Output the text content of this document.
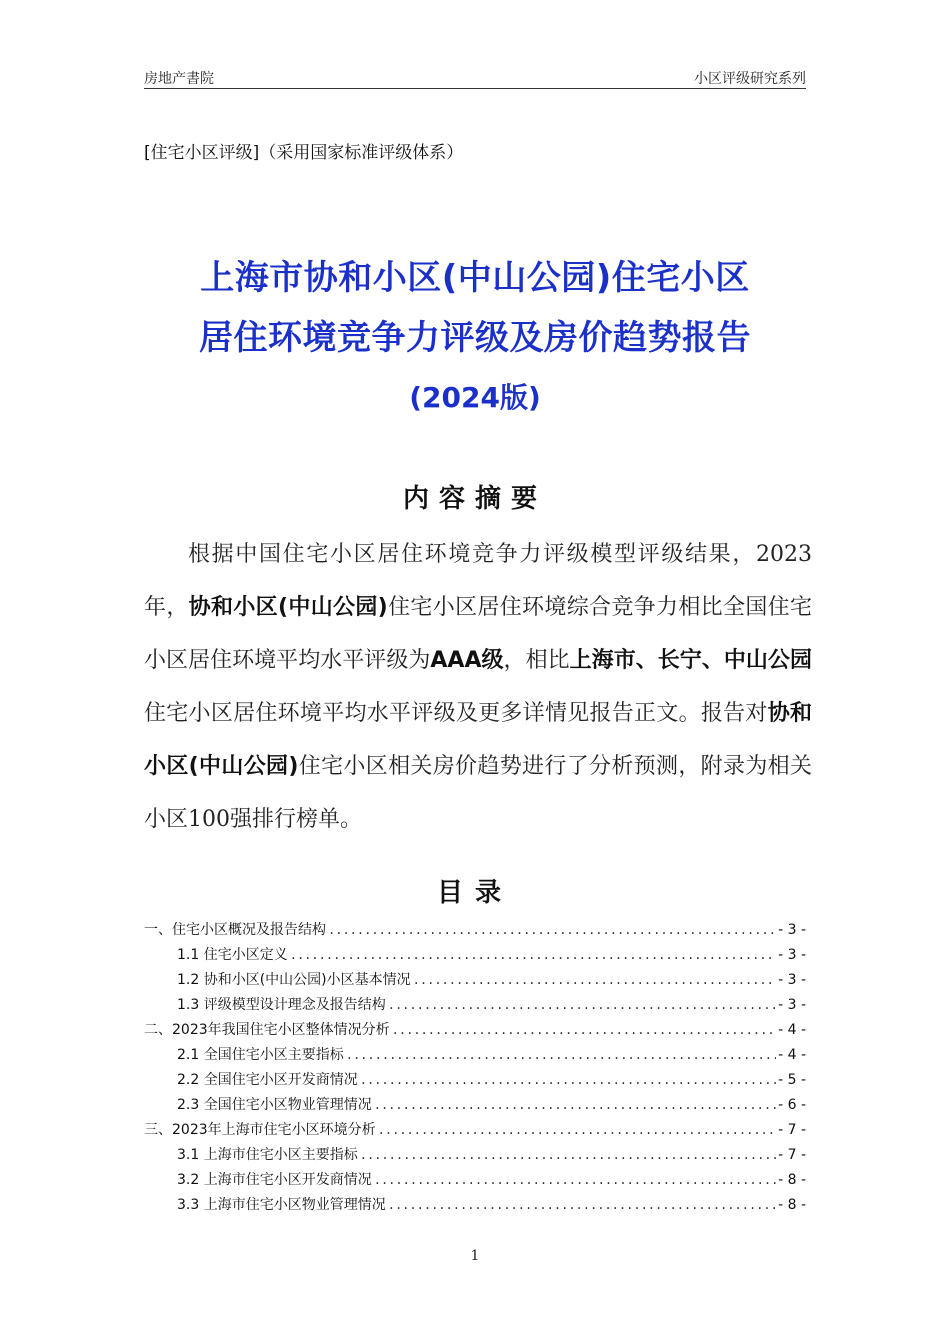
房地产書院	小区评级研究系列
[住宅小区评级]（采用国家标准评级体系）
上海市协和小区(中山公园)住宅小区
居住环境竞争力评级及房价趋势报告
(2024版)
内容摘要
根据中国住宅小区居住环境竞争力评级模型评级结果，2023年，协和小区(中山公园)住宅小区居住环境综合竞争力相比全国住宅小区居住环境平均水平评级为AAA级，相比上海市、长宁、中山公园住宅小区居住环境平均水平评级及更多详情见报告正文。报告对协和小区(中山公园)住宅小区相关房价趋势进行了分析预测，附录为相关小区100强排行榜单。
目录
一、住宅小区概况及报告结构 .....	- 3 -
1.1 住宅小区定义 .....	- 3 -
1.2 协和小区(中山公园)小区基本情况 .....	- 3 -
1.3 评级模型设计理念及报告结构 .....	- 3 -
二、2023年我国住宅小区整体情况分析 .....	- 4 -
2.1 全国住宅小区主要指标 .....	- 4 -
2.2 全国住宅小区开发商情况 .....	- 5 -
2.3 全国住宅小区物业管理情况 .....	- 6 -
三、2023年上海市住宅小区环境分析 .....	- 7 -
3.1 上海市住宅小区主要指标 .....	- 7 -
3.2 上海市住宅小区开发商情况 .....	- 8 -
3.3 上海市住宅小区物业管理情况 .....	- 8 -
1
